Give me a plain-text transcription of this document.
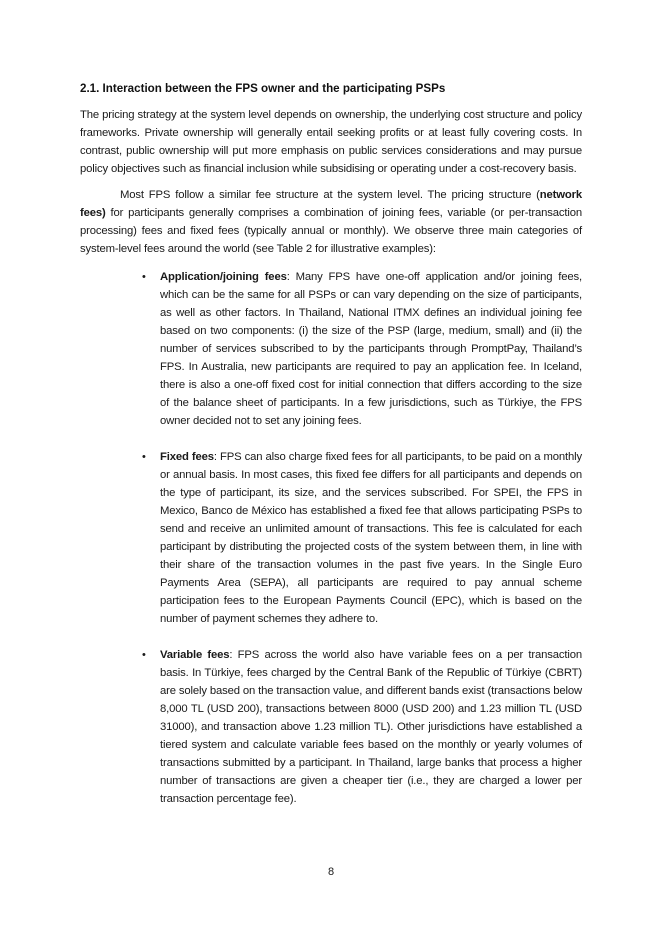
2.1. Interaction between the FPS owner and the participating PSPs

The pricing strategy at the system level depends on ownership, the underlying cost structure and policy frameworks. Private ownership will generally entail seeking profits or at least fully covering costs. In contrast, public ownership will put more emphasis on public services considerations and may pursue policy objectives such as financial inclusion while subsidising or operating under a cost-recovery basis.

Most FPS follow a similar fee structure at the system level. The pricing structure (network fees) for participants generally comprises a combination of joining fees, variable (or per-transaction processing) fees and fixed fees (typically annual or monthly). We observe three main categories of system-level fees around the world (see Table 2 for illustrative examples):

• Application/joining fees: Many FPS have one-off application and/or joining fees, which can be the same for all PSPs or can vary depending on the size of participants, as well as other factors. In Thailand, National ITMX defines an individual joining fee based on two components: (i) the size of the PSP (large, medium, small) and (ii) the number of services subscribed to by the participants through PromptPay, Thailand’s FPS. In Australia, new participants are required to pay an application fee. In Iceland, there is also a one-off fixed cost for initial connection that differs according to the size of the balance sheet of participants. In a few jurisdictions, such as Türkiye, the FPS owner decided not to set any joining fees.
• Fixed fees: FPS can also charge fixed fees for all participants, to be paid on a monthly or annual basis. In most cases, this fixed fee differs for all participants and depends on the type of participant, its size, and the services subscribed. For SPEI, the FPS in Mexico, Banco de México has established a fixed fee that allows participating PSPs to send and receive an unlimited amount of transactions. This fee is calculated for each participant by distributing the projected costs of the system between them, in line with their share of the transaction volumes in the past five years. In the Single Euro Payments Area (SEPA), all participants are required to pay annual scheme participation fees to the European Payments Council (EPC), which is based on the number of payment schemes they adhere to.
• Variable fees: FPS across the world also have variable fees on a per transaction basis. In Türkiye, fees charged by the Central Bank of the Republic of Türkiye (CBRT) are solely based on the transaction value, and different bands exist (transactions below 8,000 TL (USD 200), transactions between 8000 (USD 200) and 1.23 million TL (USD 31000), and transaction above 1.23 million TL). Other jurisdictions have established a tiered system and calculate variable fees based on the monthly or yearly volumes of transactions submitted by a participant. In Thailand, large banks that process a higher number of transactions are given a cheaper tier (i.e., they are charged a lower per transaction percentage fee).
8
